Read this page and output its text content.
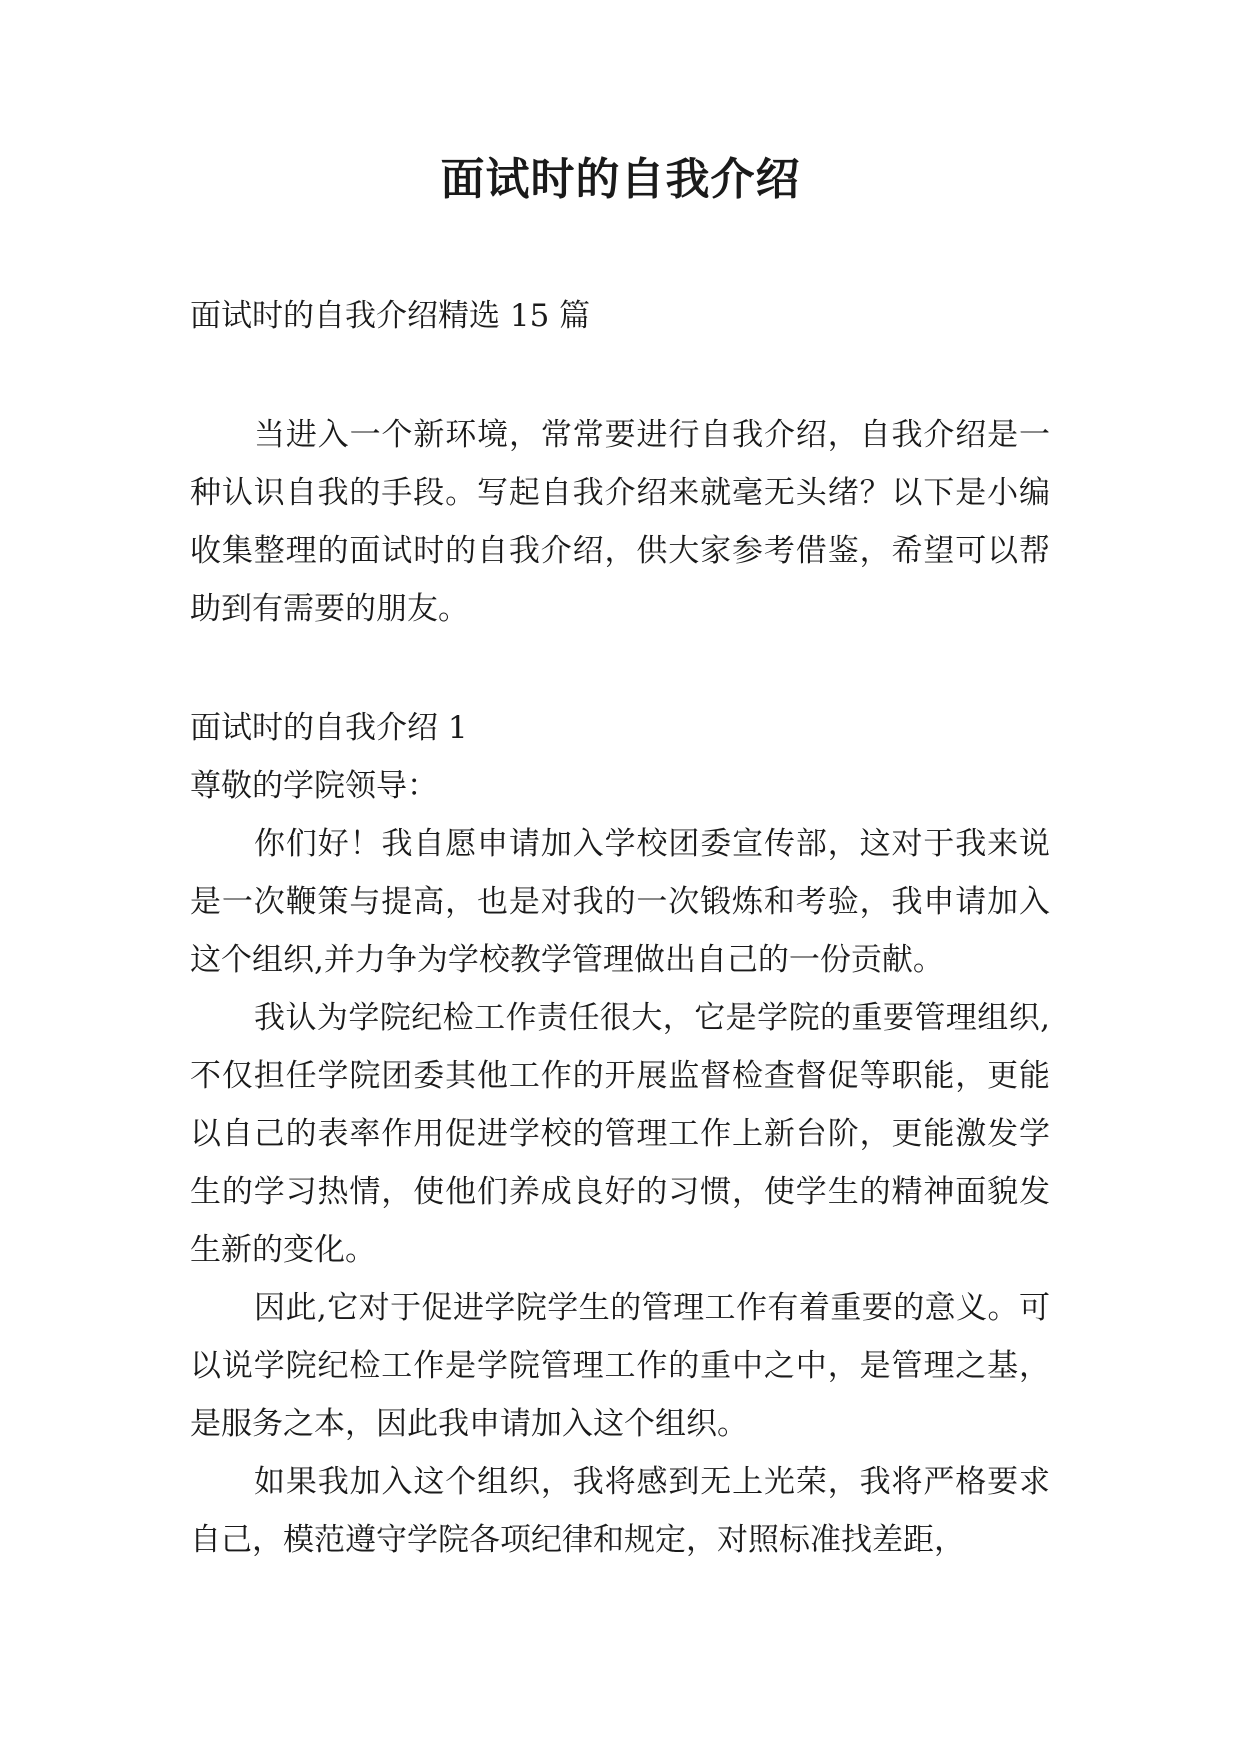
面试时的自我介绍

面试时的自我介绍精选 15 篇

当进入一个新环境，常常要进行自我介绍，自我介绍是一种认识自我的手段。写起自我介绍来就毫无头绪？以下是小编收集整理的面试时的自我介绍，供大家参考借鉴，希望可以帮助到有需要的朋友。

面试时的自我介绍 1

尊敬的学院领导：

你们好！我自愿申请加入学校团委宣传部，这对于我来说是一次鞭策与提高，也是对我的一次锻炼和考验，我申请加入这个组织,并力争为学校教学管理做出自己的一份贡献。

我认为学院纪检工作责任很大，它是学院的重要管理组织,不仅担任学院团委其他工作的开展监督检查督促等职能，更能以自己的表率作用促进学校的管理工作上新台阶，更能激发学生的学习热情，使他们养成良好的习惯，使学生的精神面貌发生新的变化。

因此,它对于促进学院学生的管理工作有着重要的意义。可以说学院纪检工作是学院管理工作的重中之中，是管理之基，是服务之本，因此我申请加入这个组织。

如果我加入这个组织，我将感到无上光荣，我将严格要求自己，模范遵守学院各项纪律和规定，对照标准找差距，
